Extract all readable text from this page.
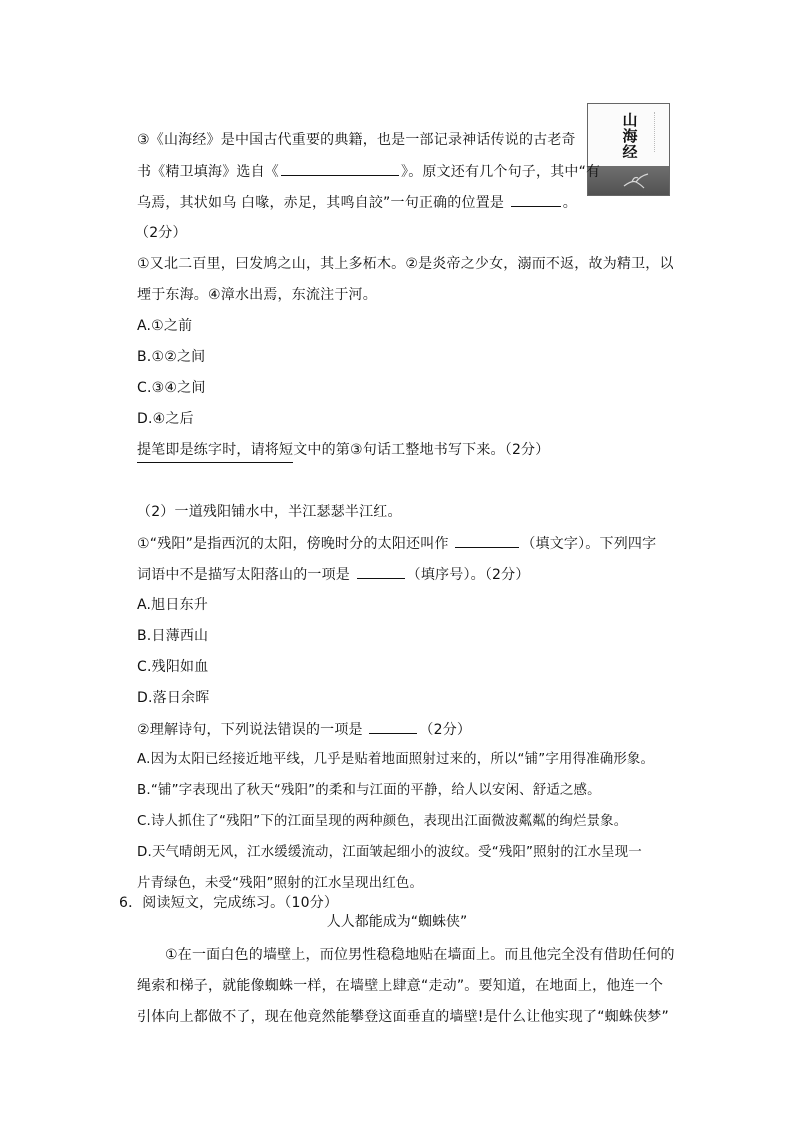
山
海
经
③《山海经》是中国古代重要的典籍，也是一部记录神话传说的古老奇
书《精卫填海》选自《	》。原文还有几个句子，其中“有
乌焉，其状如乌 白喙，赤足，其鸣自詨”一句正确的位置是	。
（2分）
①又北二百里，曰发鸠之山，其上多柘木。②是炎帝之少女，溺而不返，故为精卫，以
堙于东海。④漳水出焉，东流注于河。
A.①之前
B.①②之间
C.③④之间
D.④之后
提笔即是练字时，请将短文中的第③句话工整地书写下来。（2分）
（2）一道残阳铺水中，半江瑟瑟半江红。
①“残阳”是指西沉的太阳，傍晚时分的太阳还叫作	（填文字）。下列四字
词语中不是描写太阳落山的一项是	（填序号）。（2分）
A.旭日东升
B.日薄西山
C.残阳如血
D.落日余晖
②理解诗句，下列说法错误的一项是	（2分）
A.因为太阳已经接近地平线，几乎是贴着地面照射过来的，所以“铺”字用得准确形象。
B.“铺”字表现出了秋天“残阳”的柔和与江面的平静，给人以安闲、舒适之感。
C.诗人抓住了“残阳”下的江面呈现的两种颜色，表现出江面微波粼粼的绚烂景象。
D.天气晴朗无风，江水缓缓流动，江面皱起细小的波纹。受“残阳”照射的江水呈现一
片青绿色，未受“残阳”照射的江水呈现出红色。
6．阅读短文，完成练习。（10分）
人人都能成为“蜘蛛侠”
①在一面白色的墙壁上，而位男性稳稳地贴在墙面上。而且他完全没有借助任何的
绳索和梯子，就能像蜘蛛一样，在墙壁上肆意“走动”。要知道，在地面上，他连一个
引体向上都做不了，现在他竟然能攀登这面垂直的墙壁!是什么让他实现了“蜘蛛侠梦”
